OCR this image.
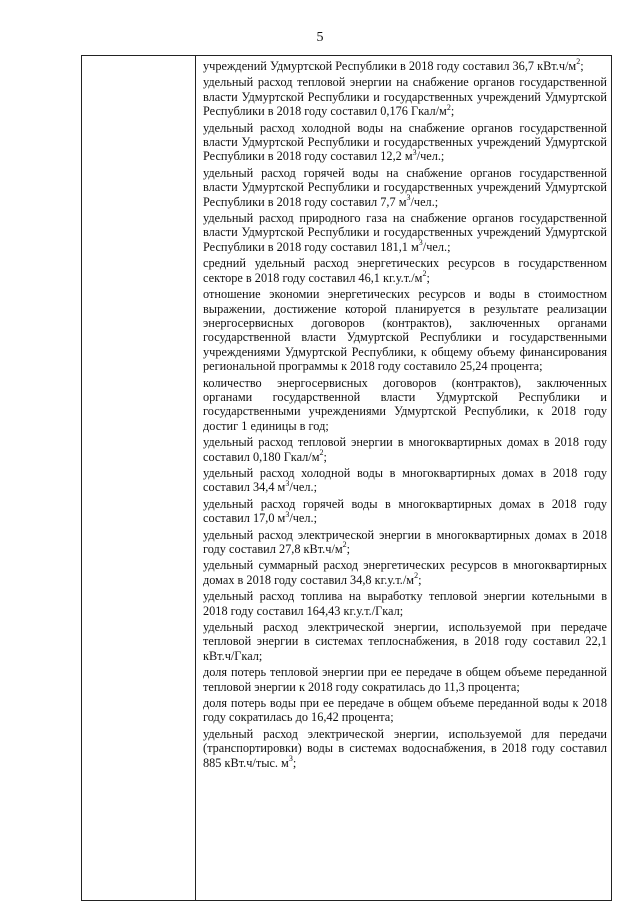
5

учреждений Удмуртской Республики в 2018 году составил 36,7 $кВт.ч/м^2$;

удельный расход тепловой энергии на снабжение органов государственной власти Удмуртской Республики и государственных учреждений Удмуртской Республики в 2018 году составил 0,176 Гкал/$м^2$;

удельный расход холодной воды на снабжение органов государственной власти Удмуртской Республики и государственных учреждений Удмуртской Республики в 2018 году составил 12,2 $м^3$/чел.;

удельный расход горячей воды на снабжение органов государственной власти Удмуртской Республики и государственных учреждений Удмуртской Республики в 2018 году составил 7,7 $м^3$/чел.;

удельный расход природного газа на снабжение органов государственной власти Удмуртской Республики и государственных учреждений Удмуртской Республики в 2018 году составил 181,1 $м^3$/чел.;

средний удельный расход энергетических ресурсов в государственном секторе в 2018 году составил 46,1 $кг.у.т./м^2$;

отношение экономии энергетических ресурсов и воды в стоимостном выражении, достижение которой планируется в результате реализации энергосервисных договоров (контрактов), заключенных органами государственной власти Удмуртской Республики и государственными учреждениями Удмуртской Республики, к общему объему финансирования региональной программы к 2018 году составило 25,24 процента;

количество энергосервисных договоров (контрактов), заключенных органами государственной власти Удмуртской Республики и государственными учреждениями Удмуртской Республики, к 2018 году достиг 1 единицы в год;

удельный расход тепловой энергии в многоквартирных домах в 2018 году составил 0,180 Гкал/$м^2$;

удельный расход холодной воды в многоквартирных домах в 2018 году составил 34,4 $м^3$/чел.;

удельный расход горячей воды в многоквартирных домах в 2018 году составил 17,0 $м^3$/чел.;

удельный расход электрической энергии в многоквартирных домах в 2018 году составил 27,8 $кВт.ч/м^2$;

удельный суммарный расход энергетических ресурсов в многоквартирных домах в 2018 году составил 34,8 $кг.у.т./м^2$;

удельный расход топлива на выработку тепловой энергии котельными в 2018 году составил 164,43 кг.у.т./Гкал;

удельный расход электрической энергии, используемой при передаче тепловой энергии в системах теплоснабжения, в 2018 году составил 22,1 кВт.ч/Гкал;

доля потерь тепловой энергии при ее передаче в общем объеме переданной тепловой энергии к 2018 году сократилась до 11,3 процента;

доля потерь воды при ее передаче в общем объеме переданной воды к 2018 году сократилась до 16,42 процента;

удельный расход электрической энергии, используемой для передачи (транспортировки) воды в системах водоснабжения, в 2018 году составил 885 кВт.ч/тыс. $м^3$;
